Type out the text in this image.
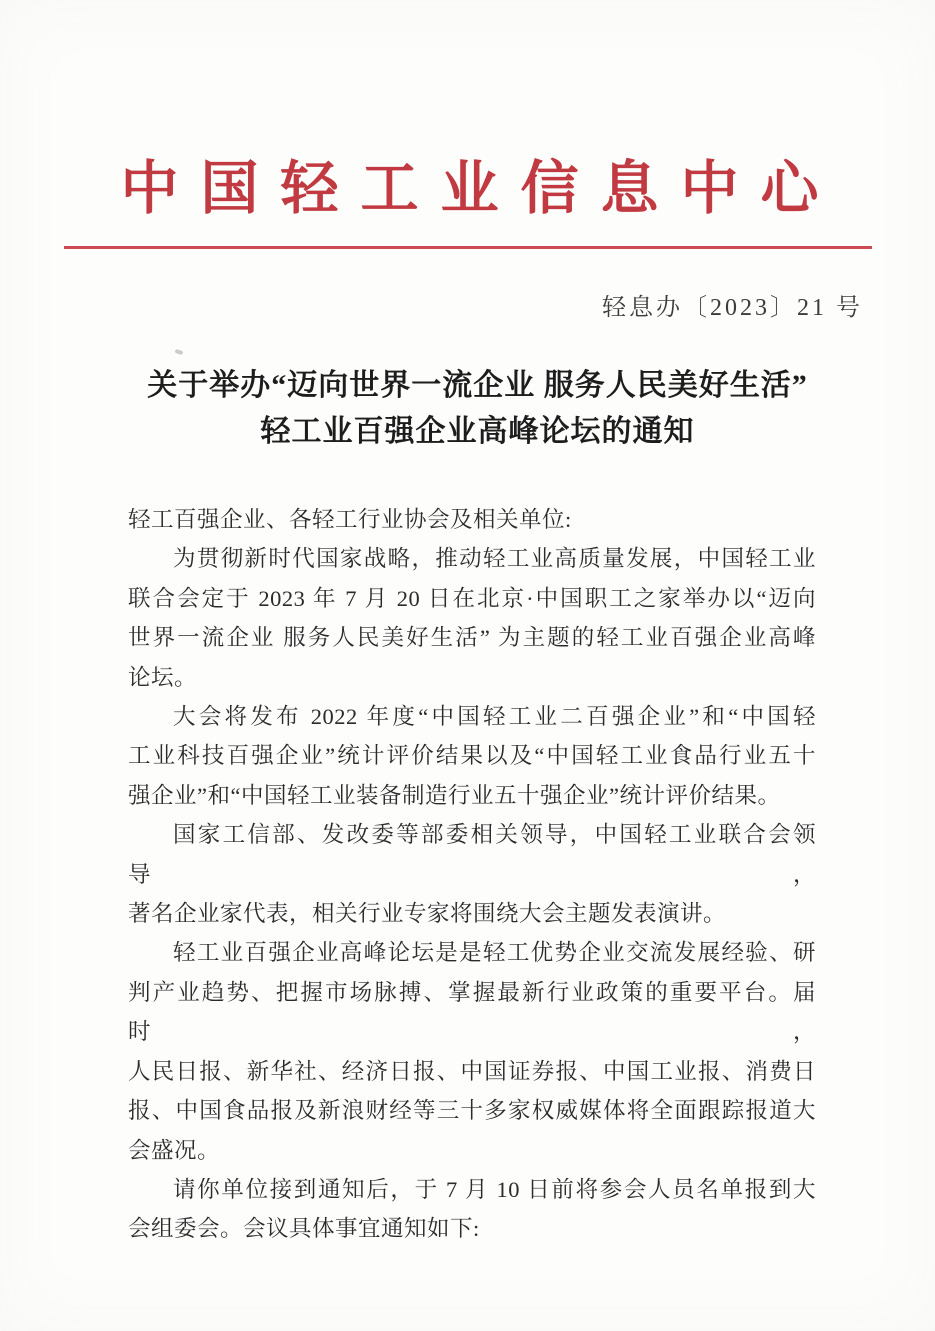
中国轻工业信息中心
轻息办〔2023〕21 号
关于举办“迈向世界一流企业 服务人民美好生活”
轻工业百强企业高峰论坛的通知
轻工百强企业、各轻工行业协会及相关单位:
为贯彻新时代国家战略，推动轻工业高质量发展，中国轻工业
联合会定于 2023 年 7 月 20 日在北京·中国职工之家举办以“迈向
世界一流企业 服务人民美好生活” 为主题的轻工业百强企业高峰
论坛。
大会将发布 2022 年度“中国轻工业二百强企业”和“中国轻
工业科技百强企业”统计评价结果以及“中国轻工业食品行业五十
强企业”和“中国轻工业装备制造行业五十强企业”统计评价结果。
国家工信部、发改委等部委相关领导，中国轻工业联合会领导，
著名企业家代表，相关行业专家将围绕大会主题发表演讲。
轻工业百强企业高峰论坛是是轻工优势企业交流发展经验、研
判产业趋势、把握市场脉搏、掌握最新行业政策的重要平台。届时，
人民日报、新华社、经济日报、中国证券报、中国工业报、消费日
报、中国食品报及新浪财经等三十多家权威媒体将全面跟踪报道大
会盛况。
请你单位接到通知后，于 7 月 10 日前将参会人员名单报到大
会组委会。会议具体事宜通知如下:
